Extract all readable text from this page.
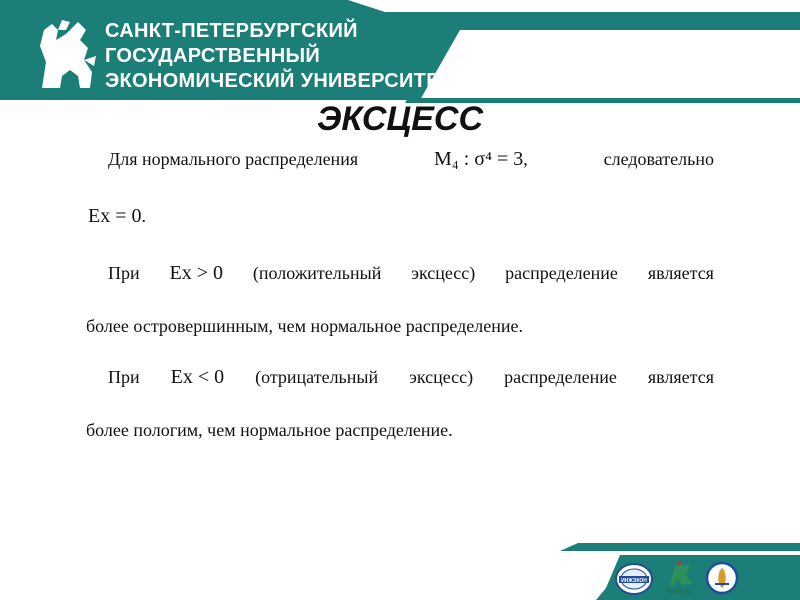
САНКТ-ПЕТЕРБУРГСКИЙ
ГОСУДАРСТВЕННЫЙ
ЭКОНОМИЧЕСКИЙ УНИВЕРСИТЕТ
ЭКСЦЕСС
Для нормального распределения	M₄ : σ⁴ = 3,	следовательно
Ex = 0.
При Ex > 0 (положительный эксцесс) распределение является
более островершинным, чем нормальное распределение.
При Ex < 0 (отрицательный эксцесс) распределение является
более пологим, чем нормальное распределение.
ИНЖЭКОН
ФИНЭК
